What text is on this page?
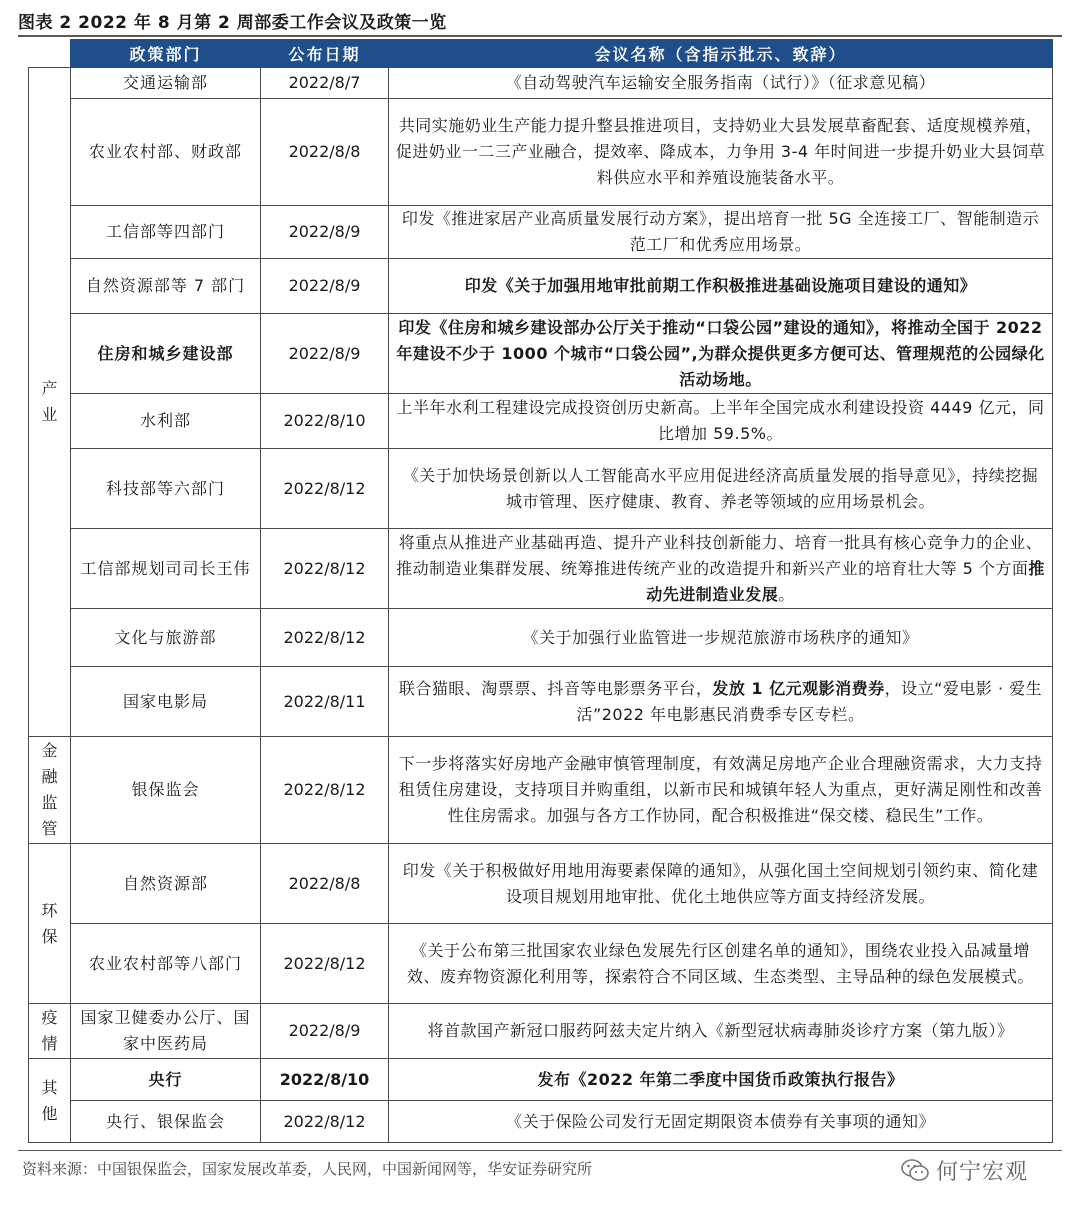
图表 2 2022 年 8 月第 2 周部委工作会议及政策一览
	政策部门	公布日期	会议名称（含指示批示、致辞）
产业	交通运输部	2022/8/7	《自动驾驶汽车运输安全服务指南（试行）》（征求意见稿）
	农业农村部、财政部	2022/8/8	共同实施奶业生产能力提升整县推进项目，支持奶业大县发展草畜配套、适度规模养殖，促进奶业一二三产业融合，提效率、降成本，力争用 3-4 年时间进一步提升奶业大县饲草料供应水平和养殖设施装备水平。
	工信部等四部门	2022/8/9	印发《推进家居产业高质量发展行动方案》，提出培育一批 5G 全连接工厂、智能制造示范工厂和优秀应用场景。
	自然资源部等 7 部门	2022/8/9	印发《关于加强用地审批前期工作积极推进基础设施项目建设的通知》
	住房和城乡建设部	2022/8/9	印发《住房和城乡建设部办公厅关于推动“口袋公园”建设的通知》，将推动全国于 2022 年建设不少于 1000 个城市“口袋公园”,为群众提供更多方便可达、管理规范的公园绿化活动场地。
	水利部	2022/8/10	上半年水利工程建设完成投资创历史新高。上半年全国完成水利建设投资 4449 亿元，同比增加 59.5%。
	科技部等六部门	2022/8/12	《关于加快场景创新以人工智能高水平应用促进经济高质量发展的指导意见》，持续挖掘城市管理、医疗健康、教育、养老等领域的应用场景机会。
	工信部规划司司长王伟	2022/8/12	将重点从推进产业基础再造、提升产业科技创新能力、培育一批具有核心竞争力的企业、推动制造业集群发展、统筹推进传统产业的改造提升和新兴产业的培育壮大等 5 个方面推动先进制造业发展。
	文化与旅游部	2022/8/12	《关于加强行业监管进一步规范旅游市场秩序的通知》
	国家电影局	2022/8/11	联合猫眼、淘票票、抖音等电影票务平台，发放 1 亿元观影消费券，设立“爱电影 · 爱生活”2022 年电影惠民消费季专区专栏。
金融监管	银保监会	2022/8/12	下一步将落实好房地产金融审慎管理制度，有效满足房地产企业合理融资需求，大力支持租赁住房建设，支持项目并购重组，以新市民和城镇年轻人为重点，更好满足刚性和改善性住房需求。加强与各方工作协同，配合积极推进“保交楼、稳民生”工作。
环保	自然资源部	2022/8/8	印发《关于积极做好用地用海要素保障的通知》，从强化国土空间规划引领约束、简化建设项目规划用地审批、优化土地供应等方面支持经济发展。
	农业农村部等八部门	2022/8/12	《关于公布第三批国家农业绿色发展先行区创建名单的通知》，围绕农业投入品减量增效、废弃物资源化利用等，探索符合不同区域、生态类型、主导品种的绿色发展模式。
疫情	国家卫健委办公厅、国家中医药局	2022/8/9	将首款国产新冠口服药阿兹夫定片纳入《新型冠状病毒肺炎诊疗方案（第九版）》
其他	央行	2022/8/10	发布《2022 年第二季度中国货币政策执行报告》
	央行、银保监会	2022/8/12	《关于保险公司发行无固定期限资本债券有关事项的通知》
资料来源：中国银保监会，国家发展改革委，人民网，中国新闻网等，华安证券研究所	何宁宏观
